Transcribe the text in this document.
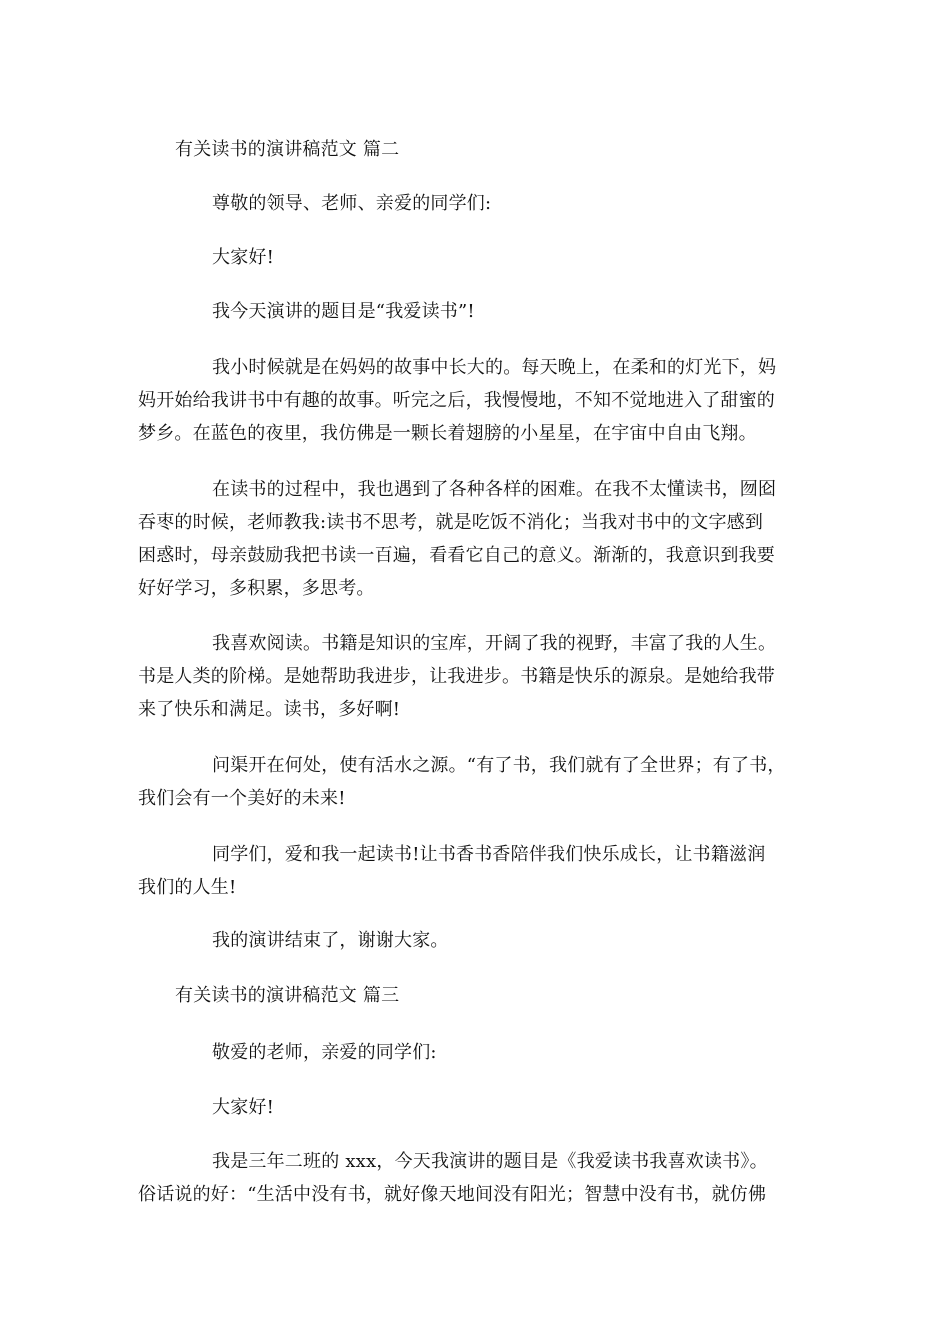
有关读书的演讲稿范文 篇二
尊敬的领导、老师、亲爱的同学们:
大家好!
我今天演讲的题目是“我爱读书”!
我小时候就是在妈妈的故事中长大的。每天晚上，在柔和的灯光下，妈
妈开始给我讲书中有趣的故事。听完之后，我慢慢地，不知不觉地进入了甜蜜的
梦乡。在蓝色的夜里，我仿佛是一颗长着翅膀的小星星，在宇宙中自由飞翔。
在读书的过程中，我也遇到了各种各样的困难。在我不太懂读书，囫囵
吞枣的时候，老师教我:读书不思考，就是吃饭不消化；当我对书中的文字感到
困惑时，母亲鼓励我把书读一百遍，看看它自己的意义。渐渐的，我意识到我要
好好学习，多积累，多思考。
我喜欢阅读。书籍是知识的宝库，开阔了我的视野，丰富了我的人生。
书是人类的阶梯。是她帮助我进步，让我进步。书籍是快乐的源泉。是她给我带
来了快乐和满足。读书，多好啊!
问渠开在何处，使有活水之源。“有了书，我们就有了全世界；有了书，
我们会有一个美好的未来!
同学们，爱和我一起读书!让书香书香陪伴我们快乐成长，让书籍滋润
我们的人生!
我的演讲结束了，谢谢大家。
有关读书的演讲稿范文 篇三
敬爱的老师，亲爱的同学们:
大家好!
我是三年二班的 xxx，今天我演讲的题目是《我爱读书我喜欢读书》。
俗话说的好：“生活中没有书，就好像天地间没有阳光；智慧中没有书，就仿佛
